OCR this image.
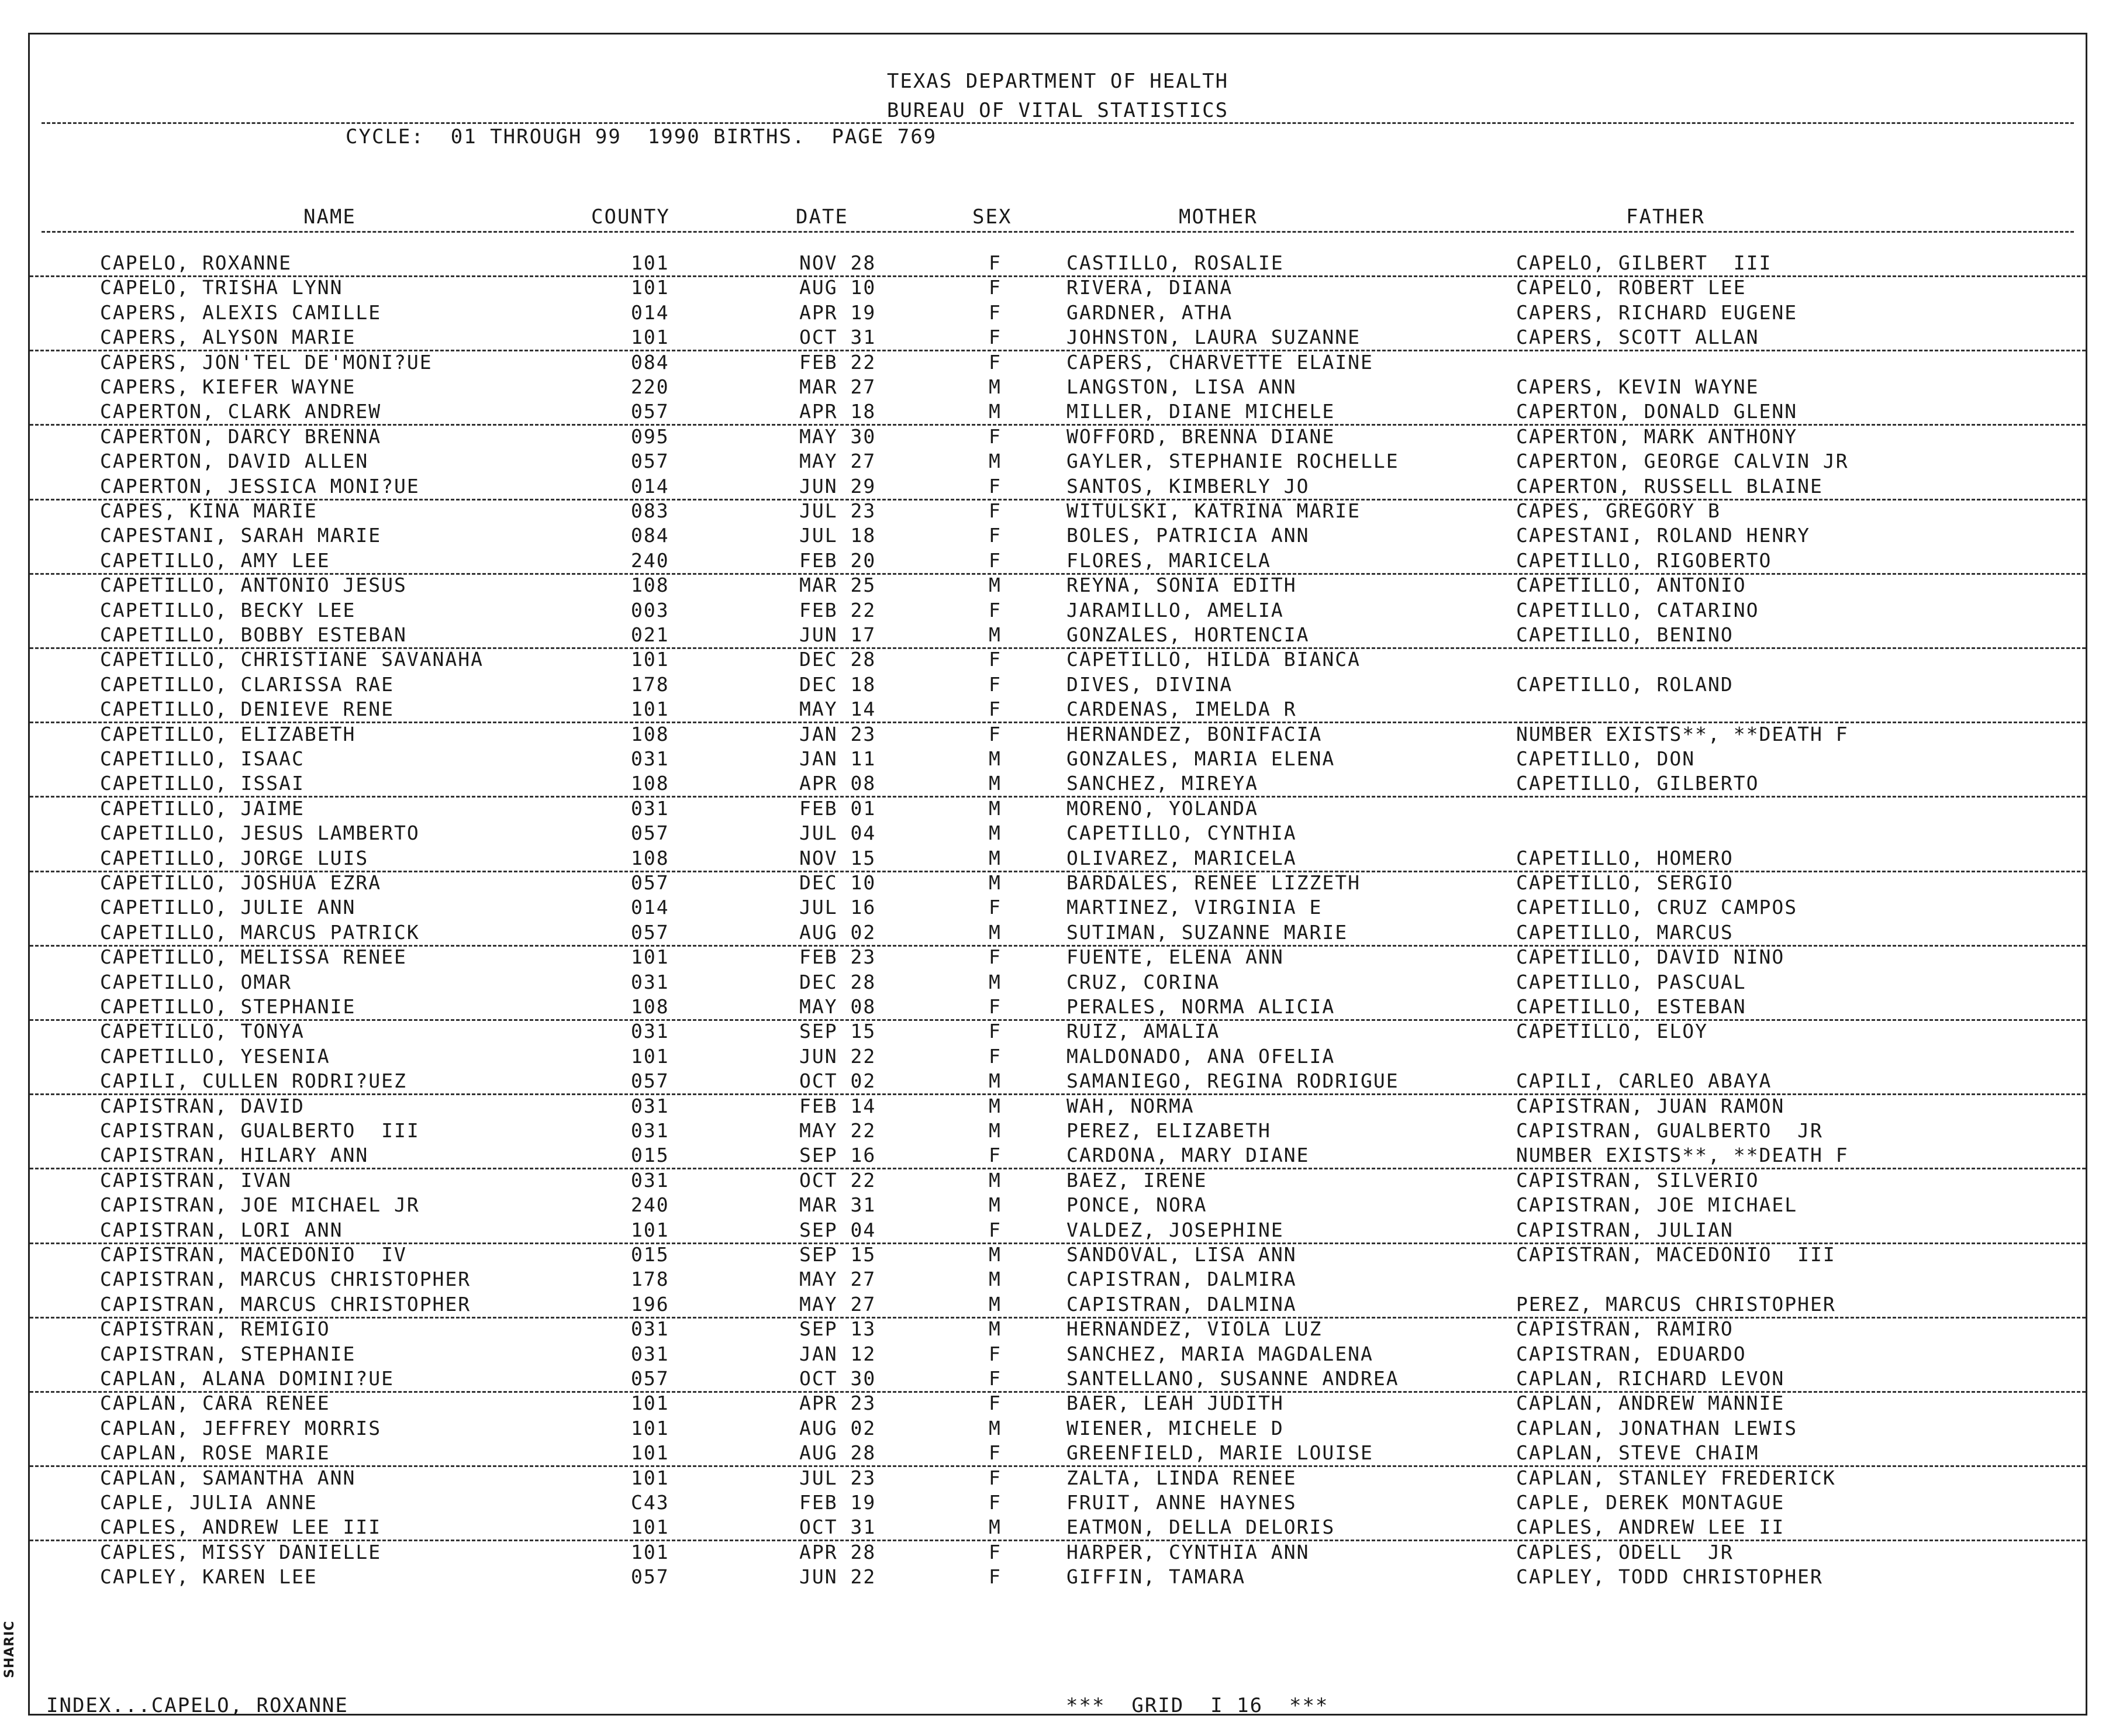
TEXAS DEPARTMENT OF HEALTH
BUREAU OF VITAL STATISTICS
CYCLE:  01 THROUGH 99  1990 BIRTHS.  PAGE 769
NAME	COUNTY	DATE	SEX	MOTHER	FATHER
CAPELO, ROXANNE	101	NOV 28	F	CASTILLO, ROSALIE	CAPELO, GILBERT  III
CAPELO, TRISHA LYNN	101	AUG 10	F	RIVERA, DIANA	CAPELO, ROBERT LEE
CAPERS, ALEXIS CAMILLE	014	APR 19	F	GARDNER, ATHA	CAPERS, RICHARD EUGENE
CAPERS, ALYSON MARIE	101	OCT 31	F	JOHNSTON, LAURA SUZANNE	CAPERS, SCOTT ALLAN
CAPERS, JON'TEL DE'MONI?UE	084	FEB 22	F	CAPERS, CHARVETTE ELAINE
CAPERS, KIEFER WAYNE	220	MAR 27	M	LANGSTON, LISA ANN	CAPERS, KEVIN WAYNE
CAPERTON, CLARK ANDREW	057	APR 18	M	MILLER, DIANE MICHELE	CAPERTON, DONALD GLENN
CAPERTON, DARCY BRENNA	095	MAY 30	F	WOFFORD, BRENNA DIANE	CAPERTON, MARK ANTHONY
CAPERTON, DAVID ALLEN	057	MAY 27	M	GAYLER, STEPHANIE ROCHELLE	CAPERTON, GEORGE CALVIN JR
CAPERTON, JESSICA MONI?UE	014	JUN 29	F	SANTOS, KIMBERLY JO	CAPERTON, RUSSELL BLAINE
CAPES, KINA MARIE	083	JUL 23	F	WITULSKI, KATRINA MARIE	CAPES, GREGORY B
CAPESTANI, SARAH MARIE	084	JUL 18	F	BOLES, PATRICIA ANN	CAPESTANI, ROLAND HENRY
CAPETILLO, AMY LEE	240	FEB 20	F	FLORES, MARICELA	CAPETILLO, RIGOBERTO
CAPETILLO, ANTONIO JESUS	108	MAR 25	M	REYNA, SONIA EDITH	CAPETILLO, ANTONIO
CAPETILLO, BECKY LEE	003	FEB 22	F	JARAMILLO, AMELIA	CAPETILLO, CATARINO
CAPETILLO, BOBBY ESTEBAN	021	JUN 17	M	GONZALES, HORTENCIA	CAPETILLO, BENINO
CAPETILLO, CHRISTIANE SAVANAHA	101	DEC 28	F	CAPETILLO, HILDA BIANCA
CAPETILLO, CLARISSA RAE	178	DEC 18	F	DIVES, DIVINA	CAPETILLO, ROLAND
CAPETILLO, DENIEVE RENE	101	MAY 14	F	CARDENAS, IMELDA R
CAPETILLO, ELIZABETH	108	JAN 23	F	HERNANDEZ, BONIFACIA	NUMBER EXISTS**, **DEATH F
CAPETILLO, ISAAC	031	JAN 11	M	GONZALES, MARIA ELENA	CAPETILLO, DON
CAPETILLO, ISSAI	108	APR 08	M	SANCHEZ, MIREYA	CAPETILLO, GILBERTO
CAPETILLO, JAIME	031	FEB 01	M	MORENO, YOLANDA
CAPETILLO, JESUS LAMBERTO	057	JUL 04	M	CAPETILLO, CYNTHIA
CAPETILLO, JORGE LUIS	108	NOV 15	M	OLIVAREZ, MARICELA	CAPETILLO, HOMERO
CAPETILLO, JOSHUA EZRA	057	DEC 10	M	BARDALES, RENEE LIZZETH	CAPETILLO, SERGIO
CAPETILLO, JULIE ANN	014	JUL 16	F	MARTINEZ, VIRGINIA E	CAPETILLO, CRUZ CAMPOS
CAPETILLO, MARCUS PATRICK	057	AUG 02	M	SUTIMAN, SUZANNE MARIE	CAPETILLO, MARCUS
CAPETILLO, MELISSA RENEE	101	FEB 23	F	FUENTE, ELENA ANN	CAPETILLO, DAVID NINO
CAPETILLO, OMAR	031	DEC 28	M	CRUZ, CORINA	CAPETILLO, PASCUAL
CAPETILLO, STEPHANIE	108	MAY 08	F	PERALES, NORMA ALICIA	CAPETILLO, ESTEBAN
CAPETILLO, TONYA	031	SEP 15	F	RUIZ, AMALIA	CAPETILLO, ELOY
CAPETILLO, YESENIA	101	JUN 22	F	MALDONADO, ANA OFELIA
CAPILI, CULLEN RODRI?UEZ	057	OCT 02	M	SAMANIEGO, REGINA RODRIGUE	CAPILI, CARLEO ABAYA
CAPISTRAN, DAVID	031	FEB 14	M	WAH, NORMA	CAPISTRAN, JUAN RAMON
CAPISTRAN, GUALBERTO  III	031	MAY 22	M	PEREZ, ELIZABETH	CAPISTRAN, GUALBERTO  JR
CAPISTRAN, HILARY ANN	015	SEP 16	F	CARDONA, MARY DIANE	NUMBER EXISTS**, **DEATH F
CAPISTRAN, IVAN	031	OCT 22	M	BAEZ, IRENE	CAPISTRAN, SILVERIO
CAPISTRAN, JOE MICHAEL JR	240	MAR 31	M	PONCE, NORA	CAPISTRAN, JOE MICHAEL
CAPISTRAN, LORI ANN	101	SEP 04	F	VALDEZ, JOSEPHINE	CAPISTRAN, JULIAN
CAPISTRAN, MACEDONIO  IV	015	SEP 15	M	SANDOVAL, LISA ANN	CAPISTRAN, MACEDONIO  III
CAPISTRAN, MARCUS CHRISTOPHER	178	MAY 27	M	CAPISTRAN, DALMIRA
CAPISTRAN, MARCUS CHRISTOPHER	196	MAY 27	M	CAPISTRAN, DALMINA	PEREZ, MARCUS CHRISTOPHER
CAPISTRAN, REMIGIO	031	SEP 13	M	HERNANDEZ, VIOLA LUZ	CAPISTRAN, RAMIRO
CAPISTRAN, STEPHANIE	031	JAN 12	F	SANCHEZ, MARIA MAGDALENA	CAPISTRAN, EDUARDO
CAPLAN, ALANA DOMINI?UE	057	OCT 30	F	SANTELLANO, SUSANNE ANDREA	CAPLAN, RICHARD LEVON
CAPLAN, CARA RENEE	101	APR 23	F	BAER, LEAH JUDITH	CAPLAN, ANDREW MANNIE
CAPLAN, JEFFREY MORRIS	101	AUG 02	M	WIENER, MICHELE D	CAPLAN, JONATHAN LEWIS
CAPLAN, ROSE MARIE	101	AUG 28	F	GREENFIELD, MARIE LOUISE	CAPLAN, STEVE CHAIM
CAPLAN, SAMANTHA ANN	101	JUL 23	F	ZALTA, LINDA RENEE	CAPLAN, STANLEY FREDERICK
CAPLE, JULIA ANNE	C43	FEB 19	F	FRUIT, ANNE HAYNES	CAPLE, DEREK MONTAGUE
CAPLES, ANDREW LEE III	101	OCT 31	M	EATMON, DELLA DELORIS	CAPLES, ANDREW LEE II
CAPLES, MISSY DANIELLE	101	APR 28	F	HARPER, CYNTHIA ANN	CAPLES, ODELL  JR
CAPLEY, KAREN LEE	057	JUN 22	F	GIFFIN, TAMARA	CAPLEY, TODD CHRISTOPHER
INDEX...CAPELO, ROXANNE	***  GRID  I 16  ***
SHARIC
